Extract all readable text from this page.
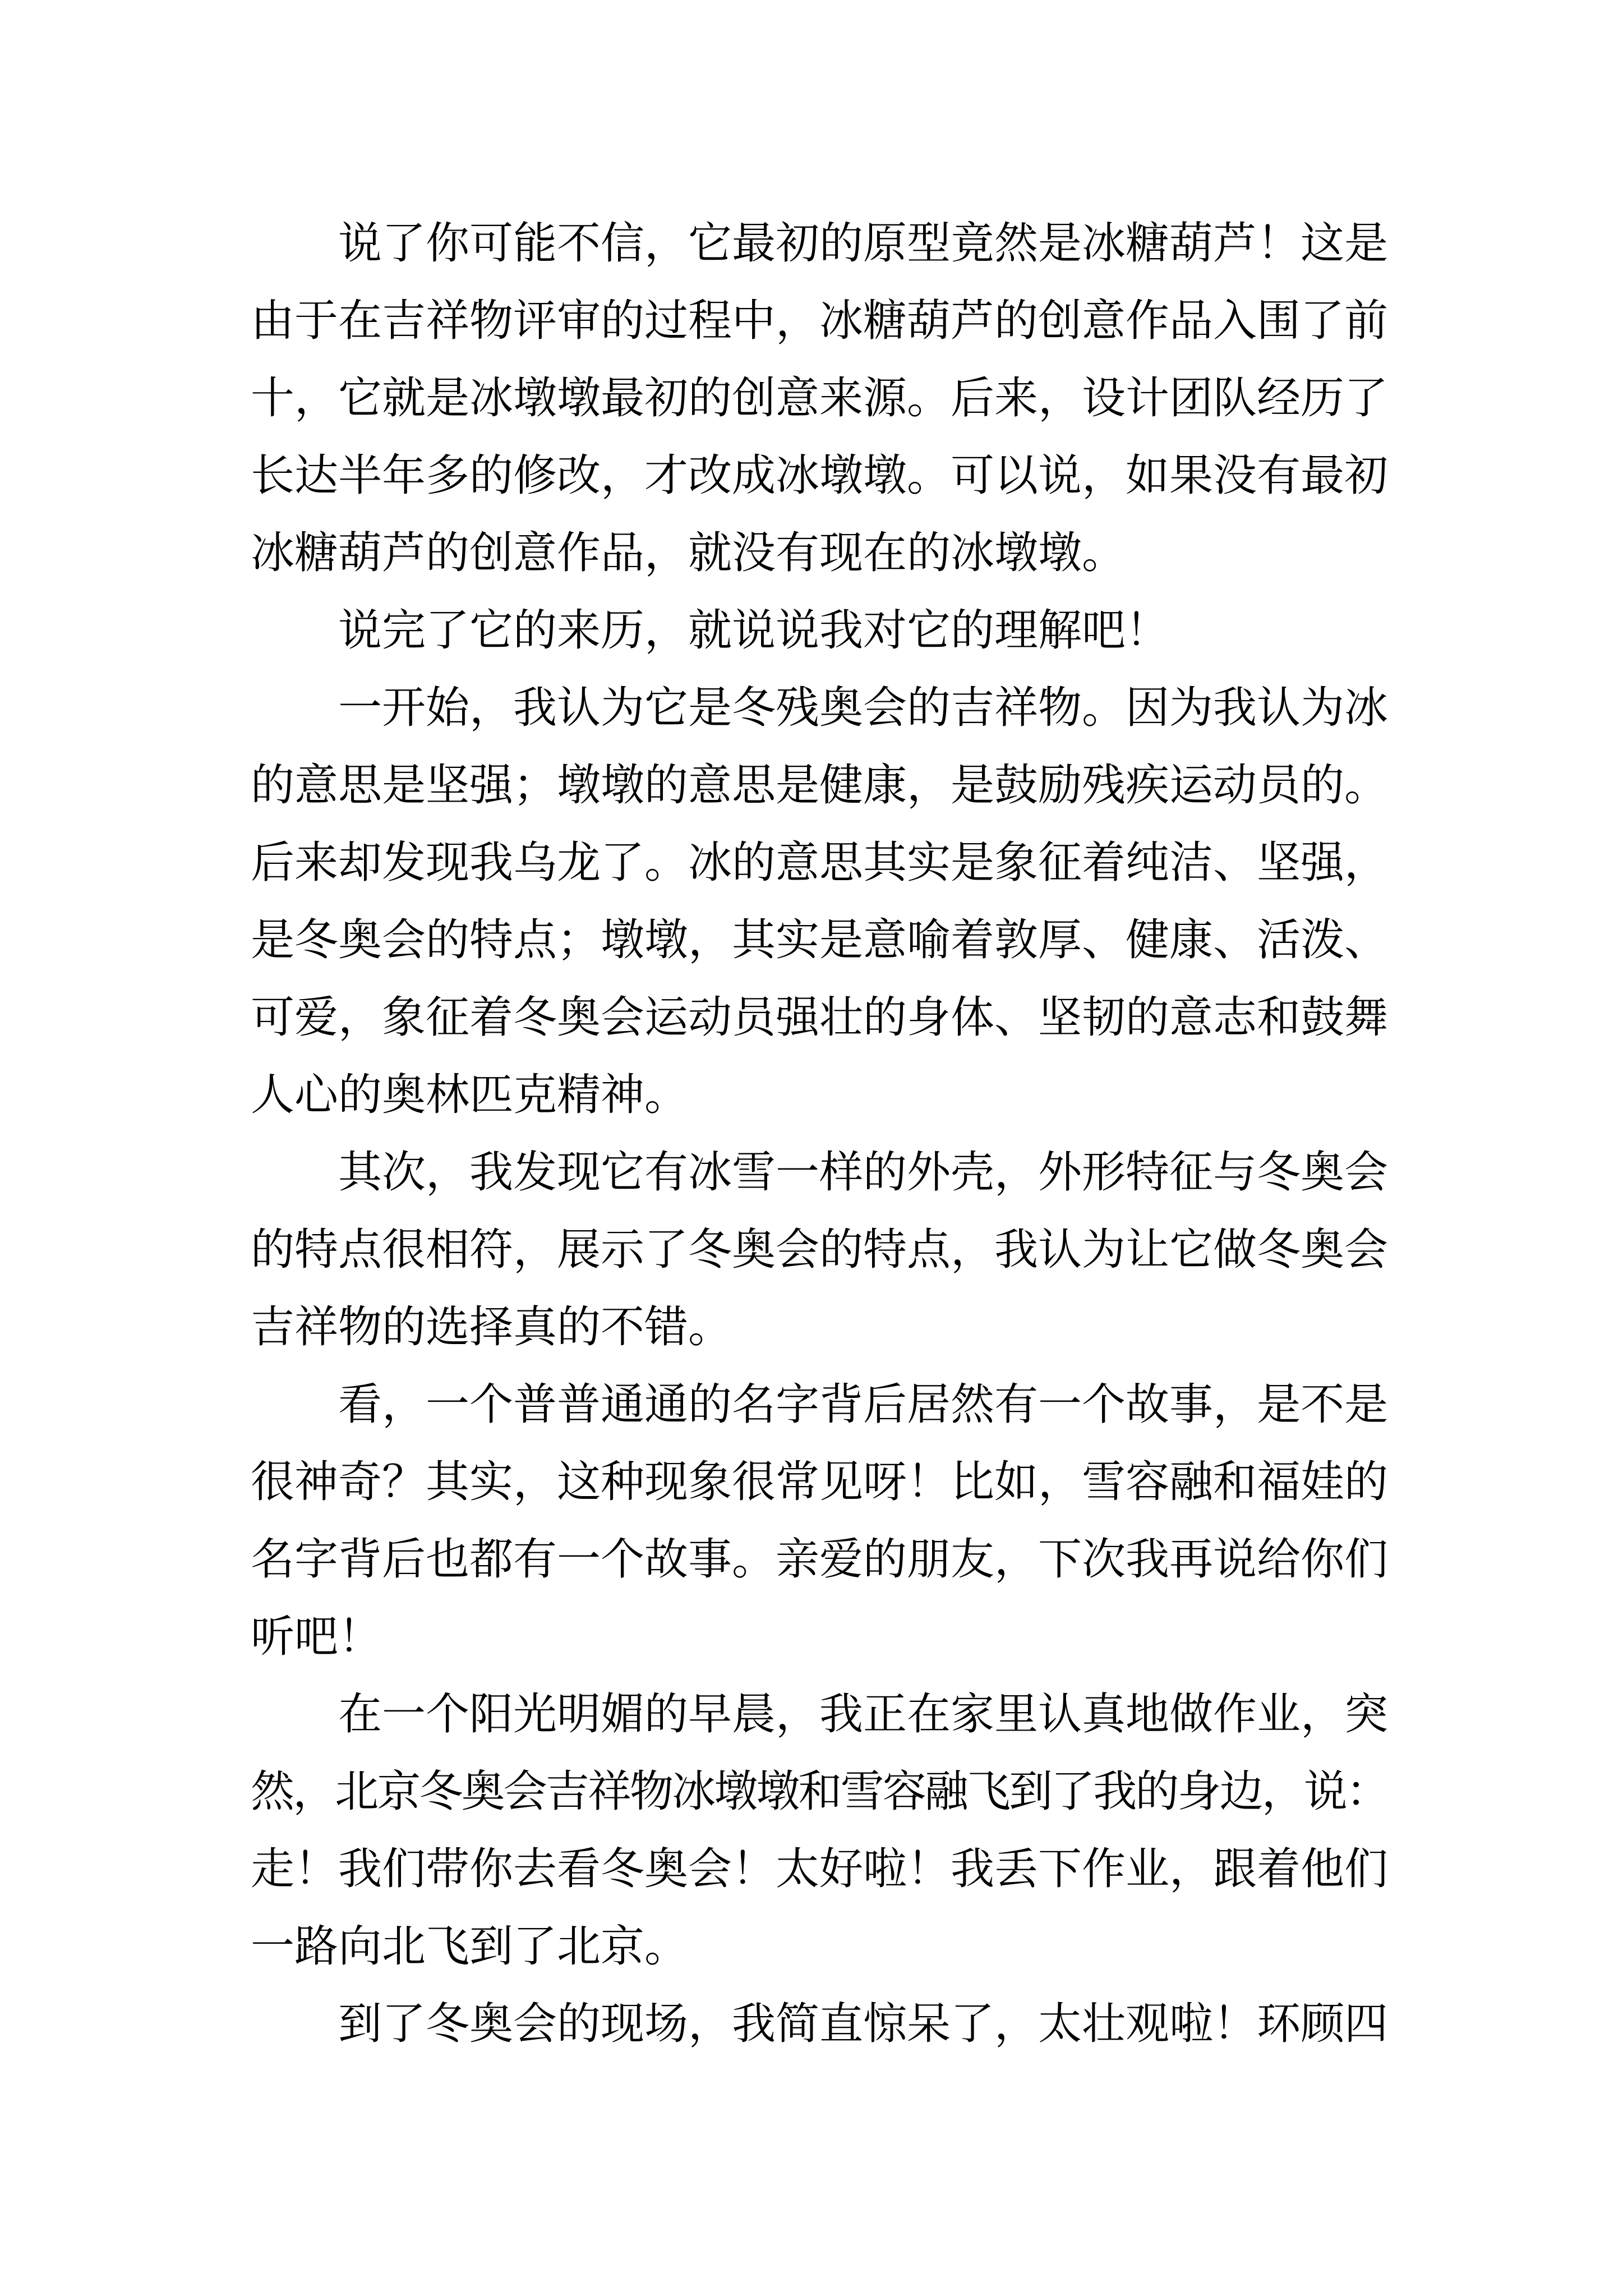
说了你可能不信，它最初的原型竟然是冰糖葫芦！这是
由于在吉祥物评审的过程中，冰糖葫芦的创意作品入围了前
十，它就是冰墩墩最初的创意来源。后来，设计团队经历了
长达半年多的修改，才改成冰墩墩。可以说，如果没有最初
冰糖葫芦的创意作品，就没有现在的冰墩墩。
说完了它的来历，就说说我对它的理解吧！
一开始，我认为它是冬残奥会的吉祥物。因为我认为冰
的意思是坚强；墩墩的意思是健康，是鼓励残疾运动员的。
后来却发现我乌龙了。冰的意思其实是象征着纯洁、坚强，
是冬奥会的特点；墩墩，其实是意喻着敦厚、健康、活泼、
可爱，象征着冬奥会运动员强壮的身体、坚韧的意志和鼓舞
人心的奥林匹克精神。
其次，我发现它有冰雪一样的外壳，外形特征与冬奥会
的特点很相符，展示了冬奥会的特点，我认为让它做冬奥会
吉祥物的选择真的不错。
看，一个普普通通的名字背后居然有一个故事，是不是
很神奇？其实，这种现象很常见呀！比如，雪容融和福娃的
名字背后也都有一个故事。亲爱的朋友，下次我再说给你们
听吧！
在一个阳光明媚的早晨，我正在家里认真地做作业，突
然，北京冬奥会吉祥物冰墩墩和雪容融飞到了我的身边，说：
走！我们带你去看冬奥会！太好啦！我丢下作业，跟着他们
一路向北飞到了北京。
到了冬奥会的现场，我简直惊呆了，太壮观啦！环顾四
